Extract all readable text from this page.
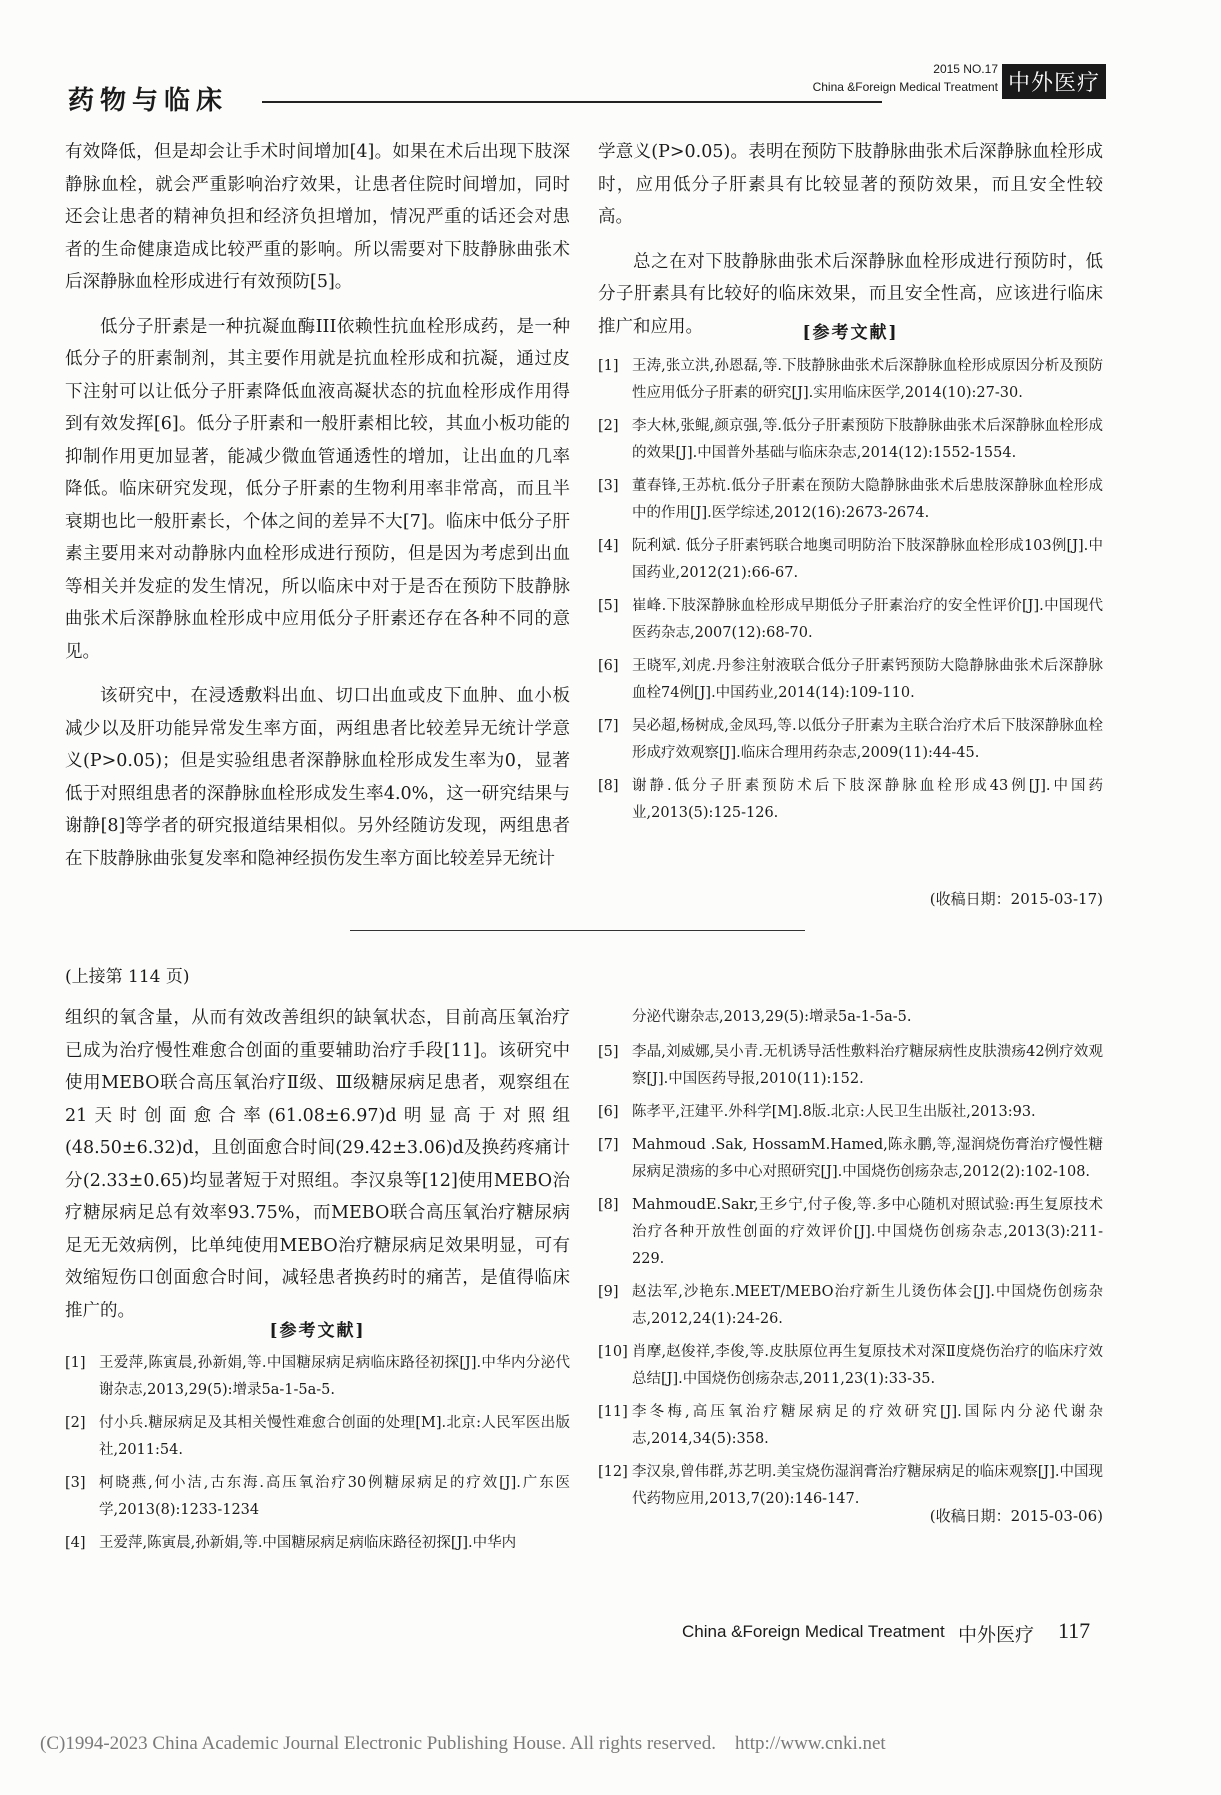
药物与临床
2015 NO.17
China &Foreign Medical Treatment 中外医疗

有效降低，但是却会让手术时间增加[4]。如果在术后出现下肢深静脉血栓，就会严重影响治疗效果，让患者住院时间增加，同时还会让患者的精神负担和经济负担增加，情况严重的话还会对患者的生命健康造成比较严重的影响。所以需要对下肢静脉曲张术后深静脉血栓形成进行有效预防[5]。

低分子肝素是一种抗凝血酶III依赖性抗血栓形成药，是一种低分子的肝素制剂，其主要作用就是抗血栓形成和抗凝，通过皮下注射可以让低分子肝素降低血液高凝状态的抗血栓形成作用得到有效发挥[6]。低分子肝素和一般肝素相比较，其血小板功能的抑制作用更加显著，能减少微血管通透性的增加，让出血的几率降低。临床研究发现，低分子肝素的生物利用率非常高，而且半衰期也比一般肝素长，个体之间的差异不大[7]。临床中低分子肝素主要用来对动静脉内血栓形成进行预防，但是因为考虑到出血等相关并发症的发生情况，所以临床中对于是否在预防下肢静脉曲张术后深静脉血栓形成中应用低分子肝素还存在各种不同的意见。

该研究中，在浸透敷料出血、切口出血或皮下血肿、血小板减少以及肝功能异常发生率方面，两组患者比较差异无统计学意义(P>0.05)；但是实验组患者深静脉血栓形成发生率为0，显著低于对照组患者的深静脉血栓形成发生率4.0%，这一研究结果与谢静[8]等学者的研究报道结果相似。另外经随访发现，两组患者在下肢静脉曲张复发率和隐神经损伤发生率方面比较差异无统计

学意义(P>0.05)。表明在预防下肢静脉曲张术后深静脉血栓形成时，应用低分子肝素具有比较显著的预防效果，而且安全性较高。

总之在对下肢静脉曲张术后深静脉血栓形成进行预防时，低分子肝素具有比较好的临床效果，而且安全性高，应该进行临床推广和应用。	[参考文献]
[1] 王涛,张立洪,孙恩磊,等.下肢静脉曲张术后深静脉血栓形成原因分析及预防性应用低分子肝素的研究[J].实用临床医学,2014(10):27-30.
[2] 李大林,张鲲,颜京强,等.低分子肝素预防下肢静脉曲张术后深静脉血栓形成的效果[J].中国普外基础与临床杂志,2014(12):1552-1554.
[3] 董春锋,王苏杭.低分子肝素在预防大隐静脉曲张术后患肢深静脉血栓形成中的作用[J].医学综述,2012(16):2673-2674.
[4] 阮利斌. 低分子肝素钙联合地奥司明防治下肢深静脉血栓形成103例[J].中国药业,2012(21):66-67.
[5] 崔峰.下肢深静脉血栓形成早期低分子肝素治疗的安全性评价[J].中国现代医药杂志,2007(12):68-70.
[6] 王晓军,刘虎.丹参注射液联合低分子肝素钙预防大隐静脉曲张术后深静脉血栓74例[J].中国药业,2014(14):109-110.
[7] 吴必超,杨树成,金凤玛,等.以低分子肝素为主联合治疗术后下肢深静脉血栓形成疗效观察[J].临床合理用药杂志,2009(11):44-45.
[8] 谢静.低分子肝素预防术后下肢深静脉血栓形成43例[J].中国药业,2013(5):125-126.
(收稿日期：2015-03-17)
(上接第 114 页)

组织的氧含量，从而有效改善组织的缺氧状态，目前高压氧治疗已成为治疗慢性难愈合创面的重要辅助治疗手段[11]。该研究中使用MEBO联合高压氧治疗Ⅱ级、Ⅲ级糖尿病足患者，观察组在21天时创面愈合率(61.08±6.97)d明显高于对照组(48.50±6.32)d，且创面愈合时间(29.42±3.06)d及换药疼痛计分(2.33±0.65)均显著短于对照组。李汉泉等[12]使用MEBO治疗糖尿病足总有效率93.75%，而MEBO联合高压氧治疗糖尿病足无无效病例，比单纯使用MEBO治疗糖尿病足效果明显，可有效缩短伤口创面愈合时间，减轻患者换药时的痛苦，是值得临床推广的。

[参考文献]
[1] 王爱萍,陈寅晨,孙新娟,等.中国糖尿病足病临床路径初探[J].中华内分泌代谢杂志,2013,29(5):增录5a-1-5a-5.
[2] 付小兵.糖尿病足及其相关慢性难愈合创面的处理[M].北京:人民军医出版社,2011:54.
[3] 柯晓燕,何小洁,古东海.高压氧治疗30例糖尿病足的疗效[J].广东医学,2013(8):1233-1234
[4] 王爱萍,陈寅晨,孙新娟,等.中国糖尿病足病临床路径初探[J].中华内
分泌代谢杂志,2013,29(5):增录5a-1-5a-5.
[5] 李晶,刘威娜,吴小青.无机诱导活性敷料治疗糖尿病性皮肤溃疡42例疗效观察[J].中国医药导报,2010(11):152.
[6] 陈孝平,汪建平.外科学[M].8版.北京:人民卫生出版社,2013:93.
[7] Mahmoud .Sak, HossamM.Hamed,陈永鹏,等,湿润烧伤膏治疗慢性糖尿病足溃疡的多中心对照研究[J].中国烧伤创疡杂志,2012(2):102-108.
[8] MahmoudE.Sakr,王乡宁,付子俊,等.多中心随机对照试验:再生复原技术治疗各种开放性创面的疗效评价[J].中国烧伤创疡杂志,2013(3):211-229.
[9] 赵法军,沙艳东.MEET/MEBO治疗新生儿烫伤体会[J].中国烧伤创疡杂志,2012,24(1):24-26.
[10] 肖摩,赵俊祥,李俊,等.皮肤原位再生复原技术对深Ⅱ度烧伤治疗的临床疗效总结[J].中国烧伤创疡杂志,2011,23(1):33-35.
[11] 李冬梅,高压氧治疗糖尿病足的疗效研究[J].国际内分泌代谢杂志,2014,34(5):358.
[12] 李汉泉,曾伟群,苏艺明.美宝烧伤湿润膏治疗糖尿病足的临床观察[J].中国现代药物应用,2013,7(20):146-147.
(收稿日期：2015-03-06)
China &Foreign Medical Treatment 中外医疗 117
(C)1994-2023 China Academic Journal Electronic Publishing House. All rights reserved.    http://www.cnki.net
